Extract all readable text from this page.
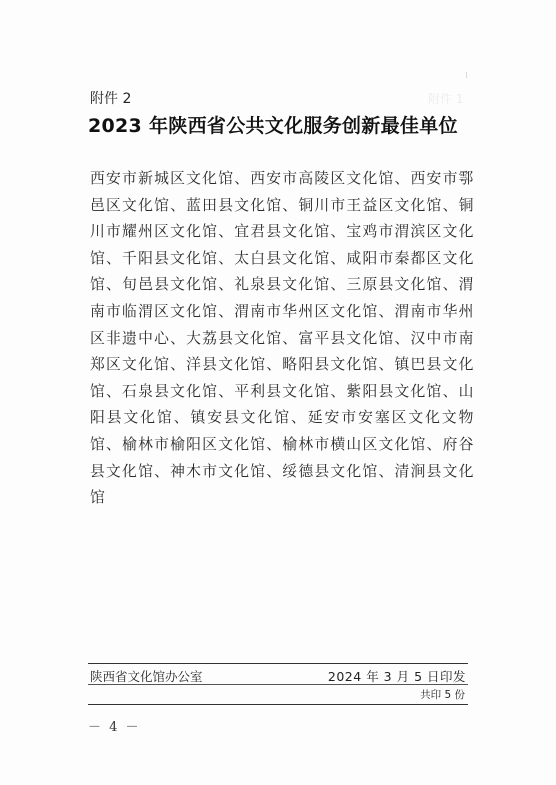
附件 1
附件 2
2023 年陕西省公共文化服务创新最佳单位
西安市新城区文化馆、西安市高陵区文化馆、西安市鄠邑区文化馆、蓝田县文化馆、铜川市王益区文化馆、铜川市耀州区文化馆、宜君县文化馆、宝鸡市渭滨区文化馆、千阳县文化馆、太白县文化馆、咸阳市秦都区文化馆、旬邑县文化馆、礼泉县文化馆、三原县文化馆、渭南市临渭区文化馆、渭南市华州区文化馆、渭南市华州区非遗中心、大荔县文化馆、富平县文化馆、汉中市南郑区文化馆、洋县文化馆、略阳县文化馆、镇巴县文化馆、石泉县文化馆、平利县文化馆、紫阳县文化馆、山阳县文化馆、镇安县文化馆、延安市安塞区文化文物馆、榆林市榆阳区文化馆、榆林市横山区文化馆、府谷县文化馆、神木市文化馆、绥德县文化馆、清涧县文化馆
陕西省文化馆办公室	2024 年 3 月 5 日印发
共印 5 份
－ 4 －
